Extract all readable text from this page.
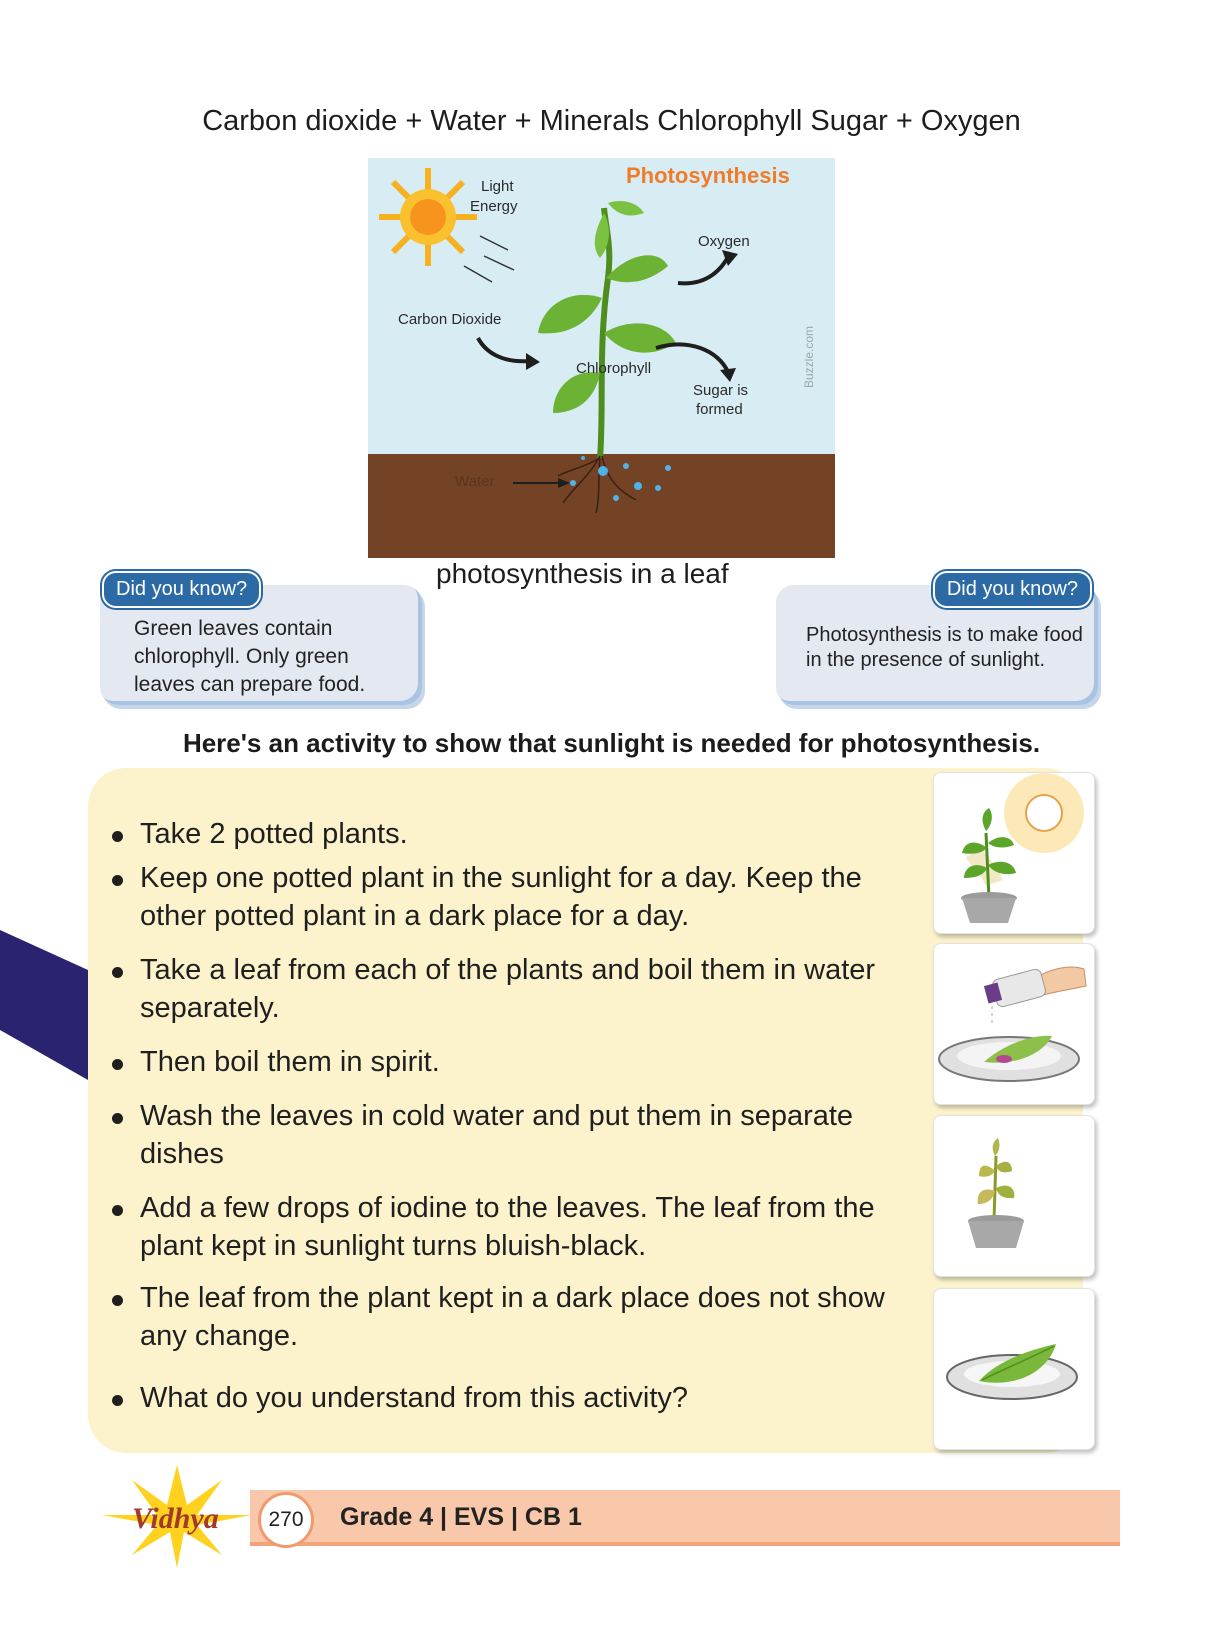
Carbon dioxide + Water + Minerals Chlorophyll Sugar + Oxygen
Light
Energy
Oxygen
Carbon Dioxide
Chlorophyll
Sugar is
formed
Water
Photosynthesis
Buzzle.com
photosynthesis in a leaf
Did you know?
Green leaves contain chlorophyll. Only green leaves can prepare food.
Did you know?
Photosynthesis is to make food in the presence of sunlight.
Here's an activity to show that sunlight is needed for photosynthesis.
Take 2 potted plants.
Keep one potted plant in the sunlight for a day. Keep the other potted plant in a dark place for a day.
Take a leaf from each of the plants and boil them in water separately.
Then boil them in spirit.
Wash the leaves in cold water and put them in separate dishes
Add a few drops of iodine to the leaves. The leaf from the plant kept in sunlight turns bluish-black.
The leaf from the plant kept in a dark place does not show any change.
What do you understand from this activity?
Vidhya	270	Grade 4 | EVS | CB 1
